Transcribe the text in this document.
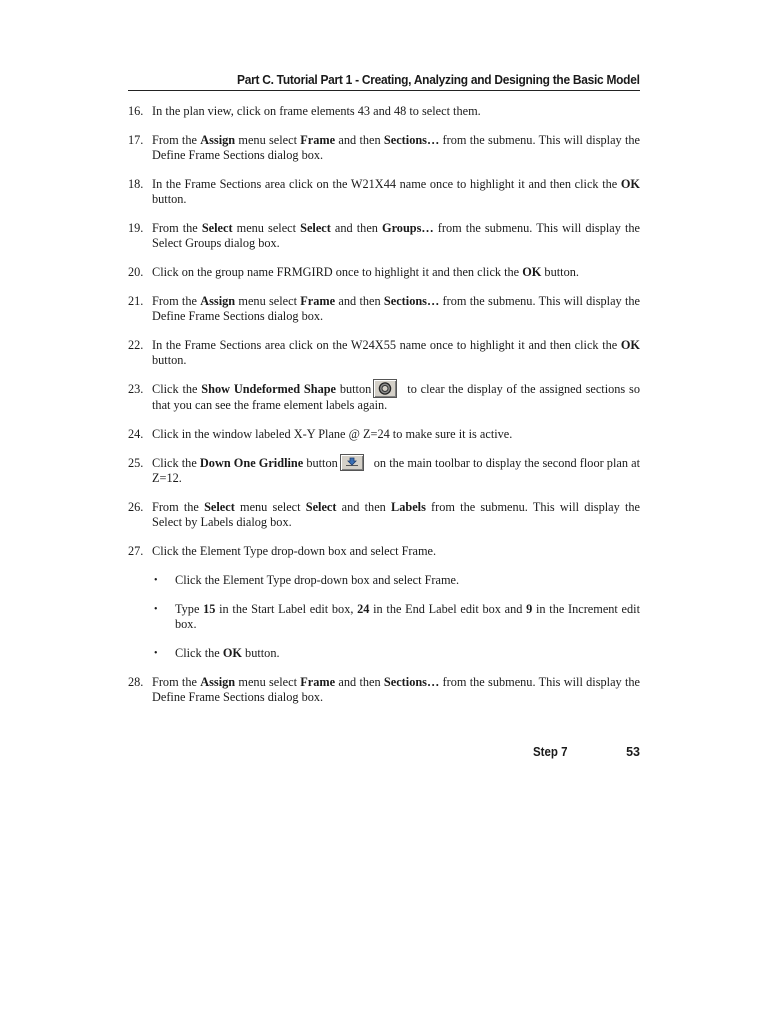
Part C. Tutorial Part 1 - Creating, Analyzing and Designing the Basic Model
16. In the plan view, click on frame elements 43 and 48 to select them.
17. From the Assign menu select Frame and then Sections… from the submenu. This will display the Define Frame Sections dialog box.
18. In the Frame Sections area click on the W21X44 name once to highlight it and then click the OK button.
19. From the Select menu select Select and then Groups… from the submenu. This will display the Select Groups dialog box.
20. Click on the group name FRMGIRD once to highlight it and then click the OK button.
21. From the Assign menu select Frame and then Sections… from the submenu. This will display the Define Frame Sections dialog box.
22. In the Frame Sections area click on the W24X55 name once to highlight it and then click the OK button.
23. Click the Show Undeformed Shape button	to clear the display of the assigned sections so that you can see the frame element labels again.
24. Click in the window labeled X-Y Plane @ Z=24 to make sure it is active.
25. Click the Down One Gridline button	on the main toolbar to display the second floor plan at Z=12.
26. From the Select menu select Select and then Labels from the submenu. This will display the Select by Labels dialog box.
27. Click the Element Type drop-down box and select Frame.
• Click the Element Type drop-down box and select Frame.
• Type 15 in the Start Label edit box, 24 in the End Label edit box and 9 in the Increment edit box.
• Click the OK button.
28. From the Assign menu select Frame and then Sections… from the submenu. This will display the Define Frame Sections dialog box.
Step 7	53
